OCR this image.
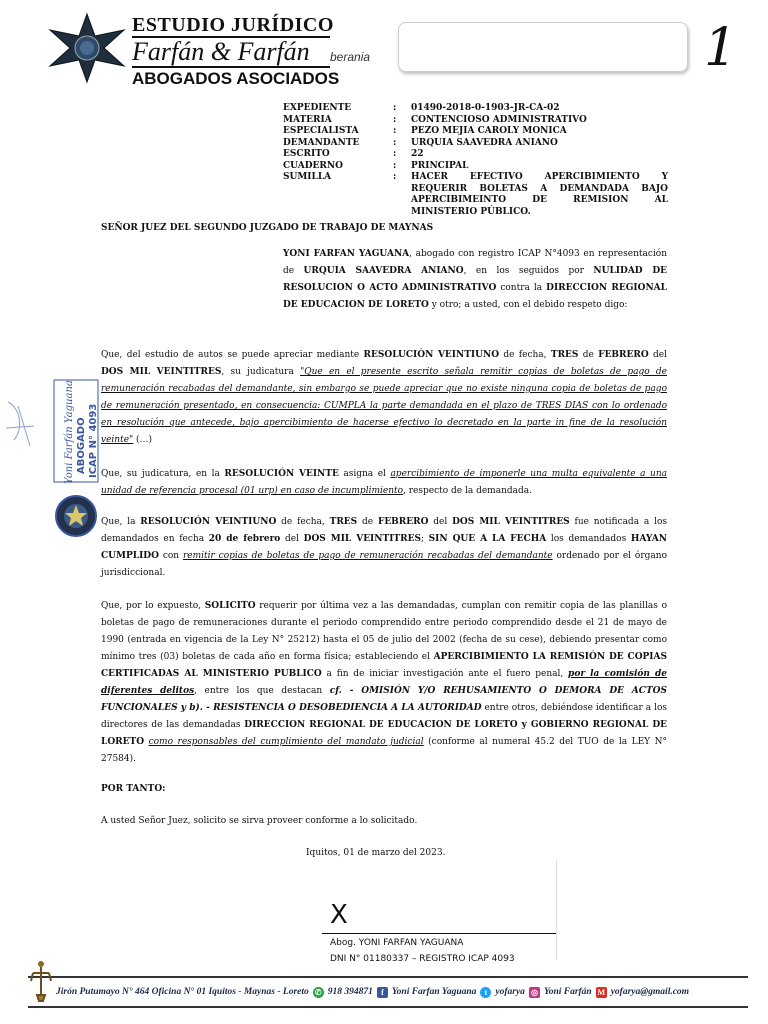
ESTUDIO JURÍDICO
Farfán & Farfán
ABOGADOS ASOCIADOS
berania	1
EXPEDIENTE	:	01490-2018-0-1903-JR-CA-02
MATERIA	:	CONTENCIOSO ADMINISTRATIVO
ESPECIALISTA	:	PEZO MEJIA CAROLY MONICA
DEMANDANTE	:	URQUIA SAAVEDRA ANIANO
ESCRITO	:	22
CUADERNO	:	PRINCIPAL
SUMILLA	:	HACER EFECTIVO APERCIBIMIENTO Y REQUERIR BOLETAS A DEMANDADA BAJO APERCIBIMEINTO DE REMISION AL MINISTERIO PÚBLICO.
SEÑOR JUEZ DEL SEGUNDO JUZGADO DE TRABAJO DE MAYNAS
YONI FARFAN YAGUANA, abogado con registro ICAP N°4093 en representación de URQUIA SAAVEDRA ANIANO, en los seguidos por NULIDAD DE RESOLUCION O ACTO ADMINISTRATIVO contra la DIRECCION REGIONAL DE EDUCACION DE LORETO y otro; a usted, con el debido respeto digo:
Que, del estudio de autos se puede apreciar mediante RESOLUCIÓN VEINTIUNO de fecha, TRES de FEBRERO del DOS MIL VEINTITRES, su judicatura "Que en el presente escrito señala remitir copias de boletas de pago de remuneración recabadas del demandante, sin embargo se puede apreciar que no existe ninguna copia de boletas de pago de remuneración presentado, en consecuencia: CUMPLA la parte demandada en el plazo de TRES DIAS con lo ordenado en resolución que antecede, bajo apercibimiento de hacerse efectivo lo decretado en la parte in fine de la resolución veinte" (…)
Que, su judicatura, en la RESOLUCIÓN VEINTE asigna el apercibimiento de imponerle una multa equivalente a una unidad de referencia procesal (01 urp) en caso de incumplimiento, respecto de la demandada.
Que, la RESOLUCIÓN VEINTIUNO de fecha, TRES de FEBRERO del DOS MIL VEINTITRES fue notificada a los demandados en fecha 20 de febrero del DOS MIL VEINTITRES; SIN QUE A LA FECHA los demandados HAYAN CUMPLIDO con remitir copias de boletas de pago de remuneración recabadas del demandante ordenado por el órgano jurisdiccional.
Que, por lo expuesto, SOLICITO requerir por última vez a las demandadas, cumplan con remitir copia de las planillas o boletas de pago de remuneraciones durante el periodo comprendido entre periodo comprendido desde el 21 de mayo de 1990 (entrada en vigencia de la Ley N° 25212) hasta el 05 de julio del 2002 (fecha de su cese), debiendo presentar como mínimo tres (03) boletas de cada año en forma física; estableciendo el APERCIBIMIENTO LA REMISIÓN DE COPIAS CERTIFICADAS AL MINISTERIO PUBLICO a fin de iniciar investigación ante el fuero penal, por la comisión de diferentes delitos, entre los que destacan cf. - OMISIÓN Y/O REHUSAMIENTO O DEMORA DE ACTOS FUNCIONALES y b). - RESISTENCIA O DESOBEDIENCIA A LA AUTORIDAD entre otros, debiéndose identificar a los directores de las demandadas DIRECCION REGIONAL DE EDUCACION DE LORETO y GOBIERNO REGIONAL DE LORETO como responsables del cumplimiento del mandato judicial (conforme al numeral 45.2 del TUO de la LEY N° 27584).
POR TANTO:
A usted Señor Juez, solicito se sirva proveer conforme a lo solicitado.
Iquitos, 01 de marzo del 2023.
X
Abog. YONI FARFAN YAGUANA
DNI N° 01180337 – REGISTRO ICAP 4093
Yoni Farfán Yaguana ABOGADO ICAP N° 4093
Jirón Putumayo N° 464 Oficina N° 01 Iquitos - Maynas - Loreto ✆ 918 394871	f Yoni Farfan Yaguana	t yofarya ◎ Yoni Farfán M yofarya@gmail.com
